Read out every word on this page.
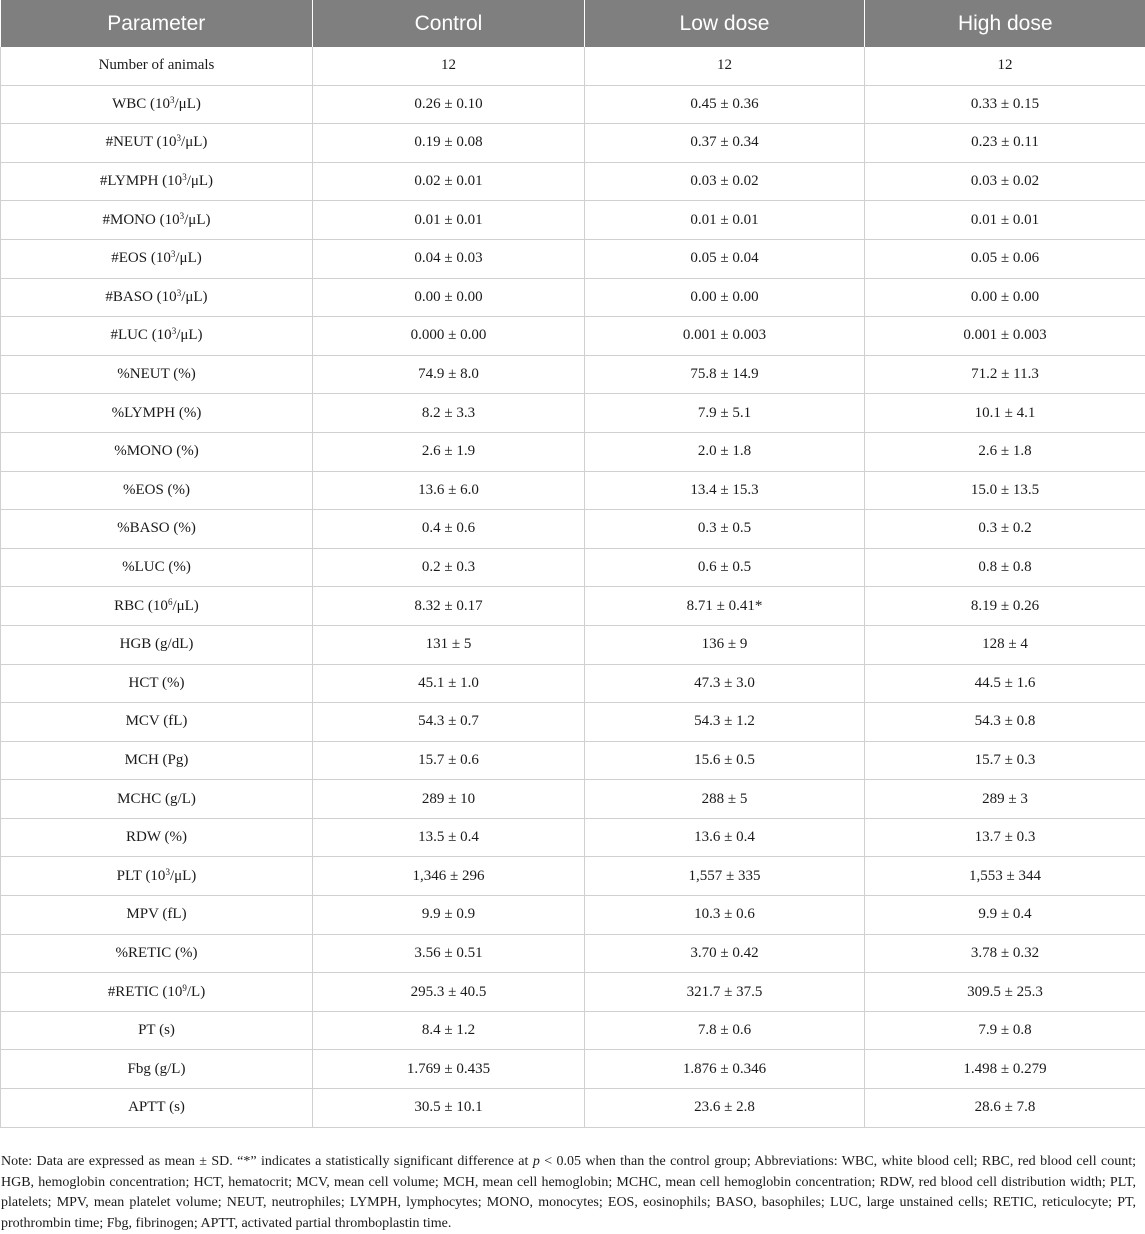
Parameter	Control	Low dose	High dose
Number of animals	12	12	12
WBC $(10^3/\mu L)$	0.26 ± 0.10	0.45 ± 0.36	0.33 ± 0.15
#NEUT $(10^3/\mu L)$	0.19 ± 0.08	0.37 ± 0.34	0.23 ± 0.11
#LYMPH $(10^3/\mu L)$	0.02 ± 0.01	0.03 ± 0.02	0.03 ± 0.02
#MONO $(10^3/\mu L)$	0.01 ± 0.01	0.01 ± 0.01	0.01 ± 0.01
#EOS $(10^3/\mu L)$	0.04 ± 0.03	0.05 ± 0.04	0.05 ± 0.06
#BASO $(10^3/\mu L)$	0.00 ± 0.00	0.00 ± 0.00	0.00 ± 0.00
#LUC $(10^3/\mu L)$	0.000 ± 0.00	0.001 ± 0.003	0.001 ± 0.003
%NEUT (%)	74.9 ± 8.0	75.8 ± 14.9	71.2 ± 11.3
%LYMPH (%)	8.2 ± 3.3	7.9 ± 5.1	10.1 ± 4.1
%MONO (%)	2.6 ± 1.9	2.0 ± 1.8	2.6 ± 1.8
%EOS (%)	13.6 ± 6.0	13.4 ± 15.3	15.0 ± 13.5
%BASO (%)	0.4 ± 0.6	0.3 ± 0.5	0.3 ± 0.2
%LUC (%)	0.2 ± 0.3	0.6 ± 0.5	0.8 ± 0.8
RBC $(10^6/\mu L)$	8.32 ± 0.17	8.71 ± 0.41*	8.19 ± 0.26
HGB (g/dL)	131 ± 5	136 ± 9	128 ± 4
HCT (%)	45.1 ± 1.0	47.3 ± 3.0	44.5 ± 1.6
MCV (fL)	54.3 ± 0.7	54.3 ± 1.2	54.3 ± 0.8
MCH (Pg)	15.7 ± 0.6	15.6 ± 0.5	15.7 ± 0.3
MCHC (g/L)	289 ± 10	288 ± 5	289 ± 3
RDW (%)	13.5 ± 0.4	13.6 ± 0.4	13.7 ± 0.3
PLT $(10^3/\mu L)$	1,346 ± 296	1,557 ± 335	1,553 ± 344
MPV (fL)	9.9 ± 0.9	10.3 ± 0.6	9.9 ± 0.4
%RETIC (%)	3.56 ± 0.51	3.70 ± 0.42	3.78 ± 0.32
#RETIC $(10^9/L)$	295.3 ± 40.5	321.7 ± 37.5	309.5 ± 25.3
PT (s)	8.4 ± 1.2	7.8 ± 0.6	7.9 ± 0.8
Fbg (g/L)	1.769 ± 0.435	1.876 ± 0.346	1.498 ± 0.279
APTT (s)	30.5 ± 10.1	23.6 ± 2.8	28.6 ± 7.8

Note: Data are expressed as mean ± SD. “*” indicates a statistically significant difference at p < 0.05 when than the control group; Abbreviations: WBC, white blood cell; RBC, red blood cell count; HGB, hemoglobin concentration; HCT, hematocrit; MCV, mean cell volume; MCH, mean cell hemoglobin; MCHC, mean cell hemoglobin concentration; RDW, red blood cell distribution width; PLT, platelets; MPV, mean platelet volume; NEUT, neutrophiles; LYMPH, lymphocytes; MONO, monocytes; EOS, eosinophils; BASO, basophiles; LUC, large unstained cells; RETIC, reticulocyte; PT, prothrombin time; Fbg, fibrinogen; APTT, activated partial thromboplastin time.
